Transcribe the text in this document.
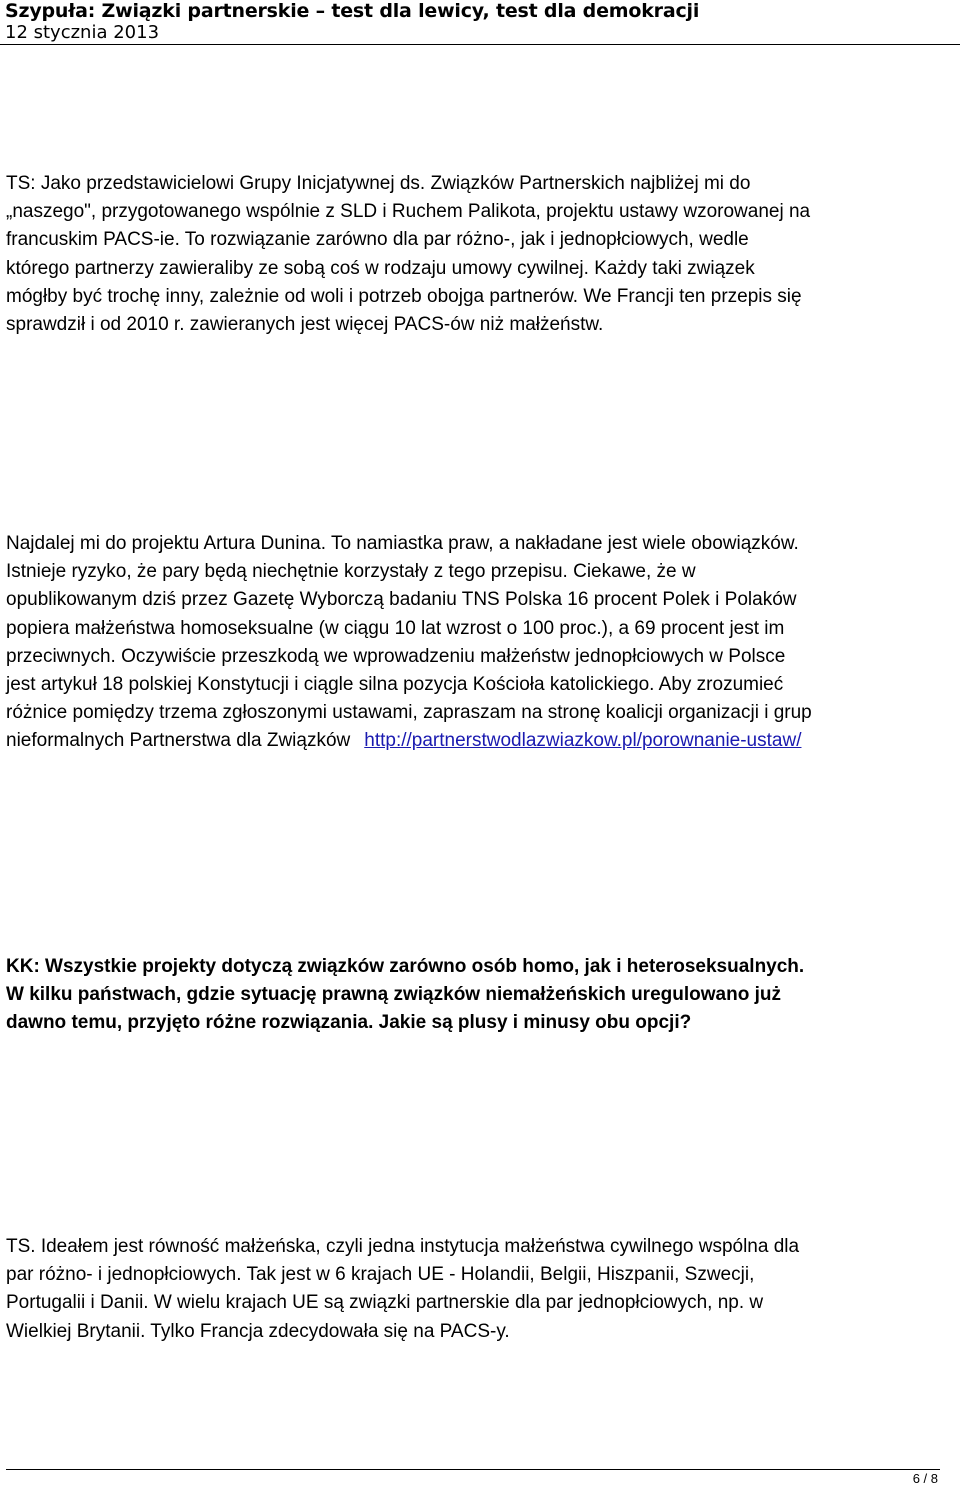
Szypuła: Związki partnerskie – test dla lewicy, test dla demokracji
12 stycznia 2013
TS: Jako przedstawicielowi Grupy Inicjatywnej ds. Związków Partnerskich najbliżej mi do
„naszego", przygotowanego wspólnie z SLD i Ruchem Palikota, projektu ustawy wzorowanej na
francuskim PACS-ie. To rozwiązanie zarówno dla par różno-, jak i jednopłciowych, wedle
którego partnerzy zawieraliby ze sobą coś w rodzaju umowy cywilnej. Każdy taki związek
mógłby być trochę inny, zależnie od woli i potrzeb obojga partnerów. We Francji ten przepis się
sprawdził i od 2010 r. zawieranych jest więcej PACS-ów niż małżeństw.
Najdalej mi do projektu Artura Dunina. To namiastka praw, a nakładane jest wiele obowiązków.
Istnieje ryzyko, że pary będą niechętnie korzystały z tego przepisu. Ciekawe, że w
opublikowanym dziś przez Gazetę Wyborczą badaniu TNS Polska 16 procent Polek i Polaków
popiera małżeństwa homoseksualne (w ciągu 10 lat wzrost o 100 proc.), a 69 procent jest im
przeciwnych. Oczywiście przeszkodą we wprowadzeniu małżeństw jednopłciowych w Polsce
jest artykuł 18 polskiej Konstytucji i ciągle silna pozycja Kościoła katolickiego. Aby zrozumieć
różnice pomiędzy trzema zgłoszonymi ustawami, zapraszam na stronę koalicji organizacji i grup
nieformalnych Partnerstwa dla Związków http://partnerstwodlazwiazkow.pl/porownanie-ustaw/
KK: Wszystkie projekty dotyczą związków zarówno osób homo, jak i heteroseksualnych.
W kilku państwach, gdzie sytuację prawną związków niemałżeńskich uregulowano już
dawno temu, przyjęto różne rozwiązania. Jakie są plusy i minusy obu opcji?
TS. Ideałem jest równość małżeńska, czyli jedna instytucja małżeństwa cywilnego wspólna dla
par różno- i jednopłciowych. Tak jest w 6 krajach UE - Holandii, Belgii, Hiszpanii, Szwecji,
Portugalii i Danii. W wielu krajach UE są związki partnerskie dla par jednopłciowych, np. w
Wielkiej Brytanii. Tylko Francja zdecydowała się na PACS-y.
6 / 8
